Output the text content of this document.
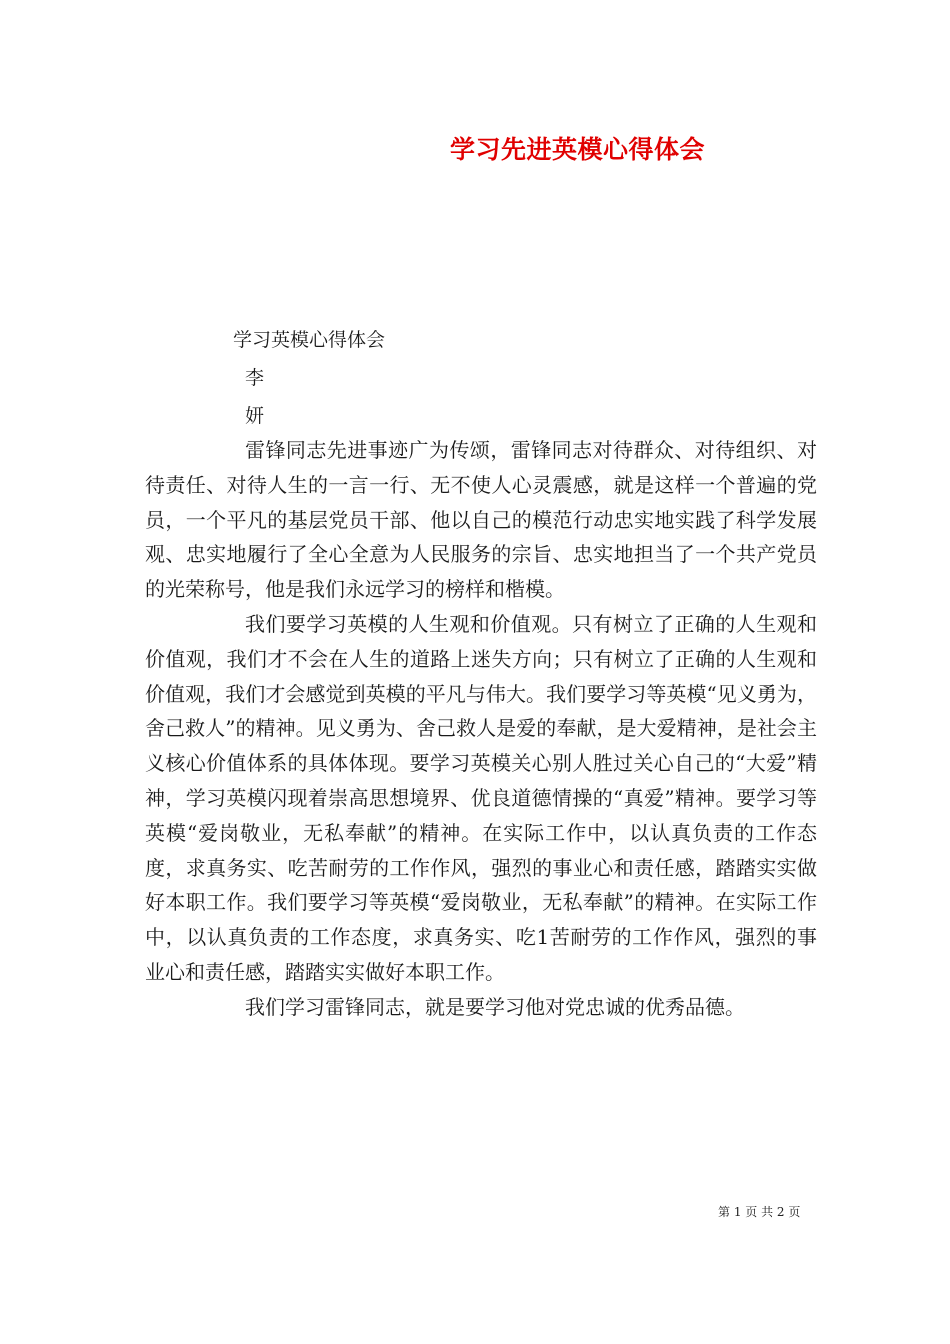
学习先进英模心得体会
学习英模心得体会
李
妍

雷锋同志先进事迹广为传颂，雷锋同志对待群众、对待组织、对待责任、对待人生的一言一行、无不使人心灵震感，就是这样一个普遍的党员，一个平凡的基层党员干部、他以自己的模范行动忠实地实践了科学发展观、忠实地履行了全心全意为人民服务的宗旨、忠实地担当了一个共产党员的光荣称号，他是我们永远学习的榜样和楷模。

我们要学习英模的人生观和价值观。只有树立了正确的人生观和价值观，我们才不会在人生的道路上迷失方向；只有树立了正确的人生观和价值观，我们才会感觉到英模的平凡与伟大。我们要学习等英模“见义勇为，舍己救人”的精神。见义勇为、舍己救人是爱的奉献，是大爱精神，是社会主义核心价值体系的具体体现。要学习英模关心别人胜过关心自己的“大爱”精神，学习英模闪现着崇高思想境界、优良道德情操的“真爱”精神。要学习等英模“爱岗敬业，无私奉献”的精神。在实际工作中，以认真负责的工作态度，求真务实、吃苦耐劳的工作作风，强烈的事业心和责任感，踏踏实实做好本职工作。我们要学习等英模“爱岗敬业，无私奉献”的精神。在实际工作中，以认真负责的工作态度，求真务实、吃1苦耐劳的工作作风，强烈的事业心和责任感，踏踏实实做好本职工作。

我们学习雷锋同志，就是要学习他对党忠诚的优秀品德。

第 1 页 共 2 页
